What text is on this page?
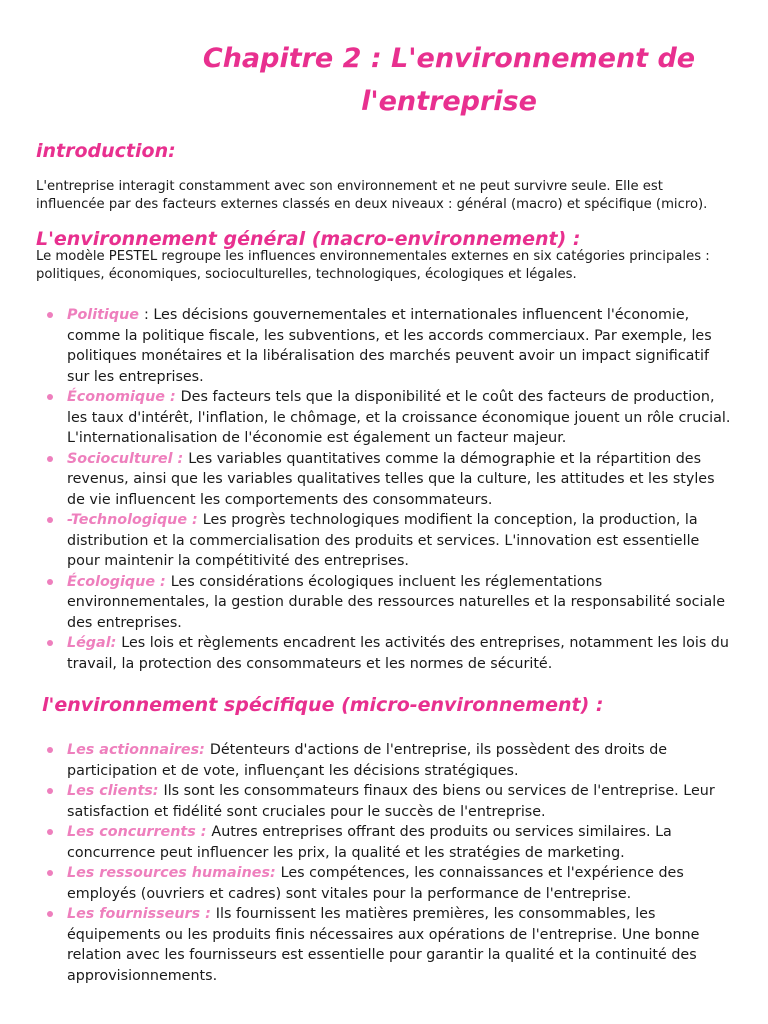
Chapitre 2 : L'environnement de l'entreprise
introduction:

L'entreprise interagit constamment avec son environnement et ne peut survivre seule. Elle est influencée par des facteurs externes classés en deux niveaux : général (macro) et spécifique (micro).

L'environnement général (macro-environnement) :

Le modèle PESTEL regroupe les influences environnementales externes en six catégories principales : politiques, économiques, socioculturelles, technologiques, écologiques et légales.

Politique : Les décisions gouvernementales et internationales influencent l'économie, comme la politique fiscale, les subventions, et les accords commerciaux. Par exemple, les politiques monétaires et la libéralisation des marchés peuvent avoir un impact significatif sur les entreprises.
Économique : Des facteurs tels que la disponibilité et le coût des facteurs de production, les taux d'intérêt, l'inflation, le chômage, et la croissance économique jouent un rôle crucial. L'internationalisation de l'économie est également un facteur majeur.
Socioculturel : Les variables quantitatives comme la démographie et la répartition des revenus, ainsi que les variables qualitatives telles que la culture, les attitudes et les styles de vie influencent les comportements des consommateurs.
-Technologique : Les progrès technologiques modifient la conception, la production, la distribution et la commercialisation des produits et services. L'innovation est essentielle pour maintenir la compétitivité des entreprises.
Écologique : Les considérations écologiques incluent les réglementations environnementales, la gestion durable des ressources naturelles et la responsabilité sociale des entreprises.
Légal: Les lois et règlements encadrent les activités des entreprises, notamment les lois du travail, la protection des consommateurs et les normes de sécurité.
l'environnement spécifique (micro-environnement) :
Les actionnaires: Détenteurs d'actions de l'entreprise, ils possèdent des droits de participation et de vote, influençant les décisions stratégiques.
Les clients: Ils sont les consommateurs finaux des biens ou services de l'entreprise. Leur satisfaction et fidélité sont cruciales pour le succès de l'entreprise.
Les concurrents : Autres entreprises offrant des produits ou services similaires. La concurrence peut influencer les prix, la qualité et les stratégies de marketing.
Les ressources humaines: Les compétences, les connaissances et l'expérience des employés (ouvriers et cadres) sont vitales pour la performance de l'entreprise.
Les fournisseurs : Ils fournissent les matières premières, les consommables, les équipements ou les produits finis nécessaires aux opérations de l'entreprise. Une bonne relation avec les fournisseurs est essentielle pour garantir la qualité et la continuité des approvisionnements.
